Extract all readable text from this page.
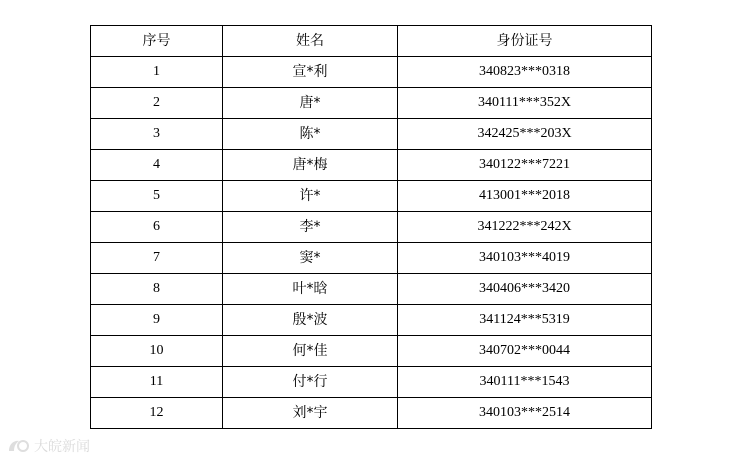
序号	姓名	身份证号
1	宣*利	340823***0318
2	唐*	340111***352X
3	陈*	342425***203X
4	唐*梅	340122***7221
5	许*	413001***2018
6	李*	341222***242X
7	窦*	340103***4019
8	叶*晗	340406***3420
9	殷*波	341124***5319
10	何*佳	340702***0044
11	付*行	340111***1543
12	刘*宇	340103***2514
大皖新闻
